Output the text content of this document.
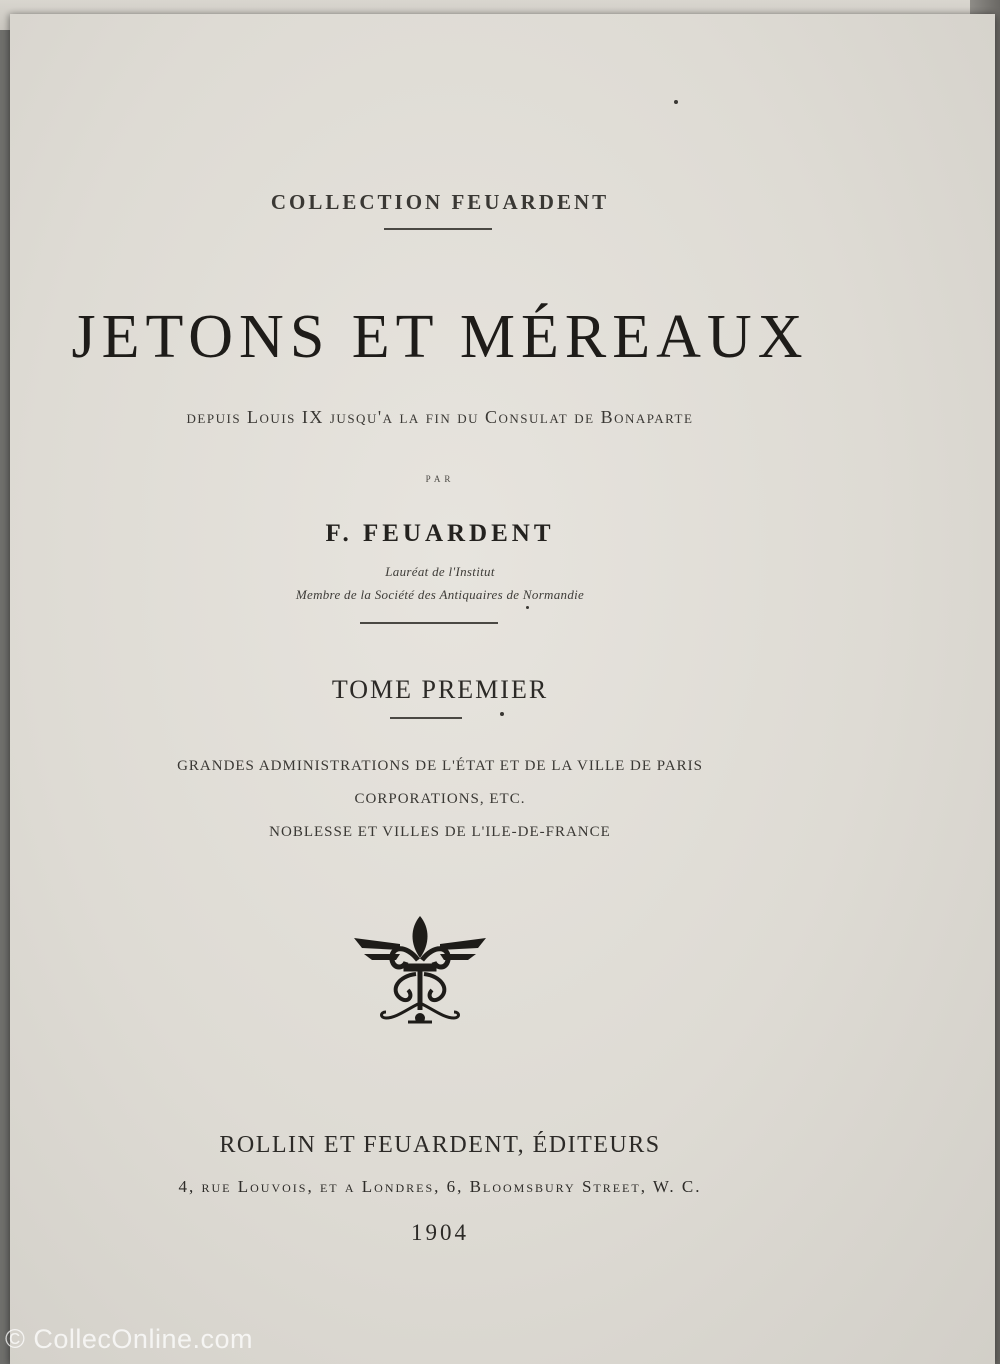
COLLECTION FEUARDENT
JETONS ET MÉREAUX
depuis Louis IX jusqu'a la fin du Consulat de Bonaparte
PAR
F. FEUARDENT
Lauréat de l'Institut
Membre de la Société des Antiquaires de Normandie
TOME PREMIER
GRANDES ADMINISTRATIONS DE L'ÉTAT ET DE LA VILLE DE PARIS
CORPORATIONS, ETC.
NOBLESSE ET VILLES DE L'ILE-DE-FRANCE
ROLLIN ET FEUARDENT, ÉDITEURS
4, rue Louvois, et a Londres, 6, Bloomsbury Street, W. C.
1904
© CollecOnline.com
